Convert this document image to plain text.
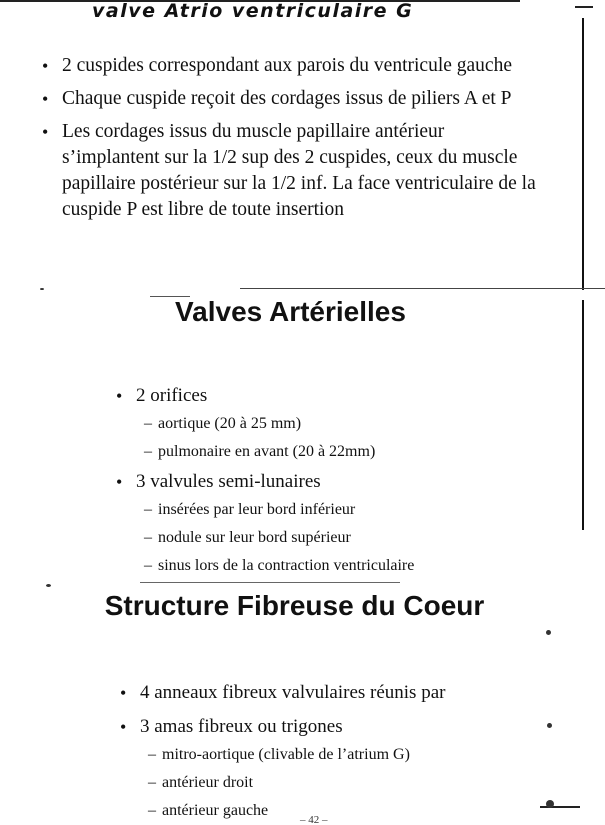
valve Atrio ventriculaire G
• 2 cuspides correspondant aux parois du ventricule gauche
• Chaque cuspide reçoit des cordages issus de piliers A et P
• Les cordages issus du muscle papillaire antérieur s’implantent sur la 1/2 sup des 2 cuspides, ceux du muscle papillaire postérieur sur la 1/2 inf. La face ventriculaire de la cuspide P est libre de toute insertion
Valves Artérielles
• 2 orifices
– aortique (20 à 25 mm)
– pulmonaire en avant (20 à 22mm)
• 3 valvules semi-lunaires
– insérées par leur bord inférieur
– nodule sur leur bord supérieur
– sinus lors de la contraction ventriculaire
Structure Fibreuse du Coeur
• 4 anneaux fibreux valvulaires réunis par
• 3 amas fibreux ou trigones
– mitro-aortique (clivable de l’atrium G)
– antérieur droit
– antérieur gauche
– 42 –
